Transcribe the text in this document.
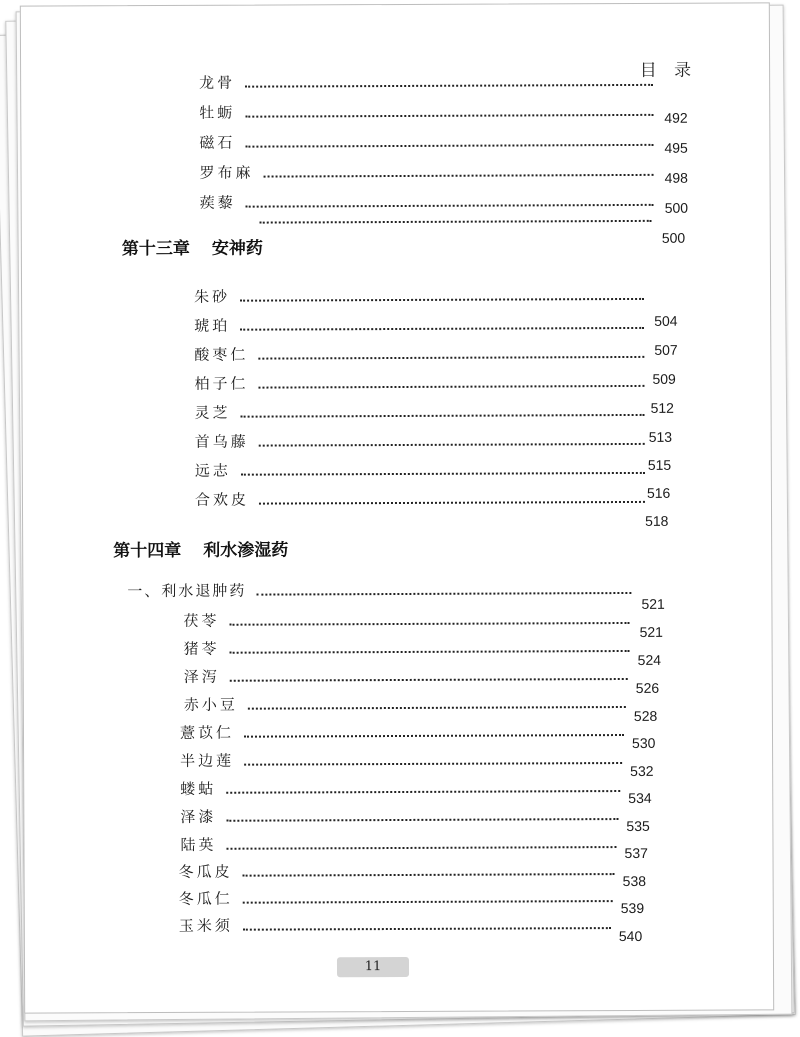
目 录
龙骨
牡蛎
磁石
罗布麻
蒺藜
492
495
498
500
500
第十三章 安神药
朱砂
琥珀
酸枣仁
柏子仁
灵芝
首乌藤
远志
合欢皮
504
507
509
512
513
515
516
518
第十四章 利水渗湿药
一、利水退肿药
521
茯苓
猪苓
泽泻
赤小豆
薏苡仁
半边莲
蝼蛄
泽漆
陆英
冬瓜皮
冬瓜仁
玉米须
521
524
526
528
530
532
534
535
537
538
539
540
11
